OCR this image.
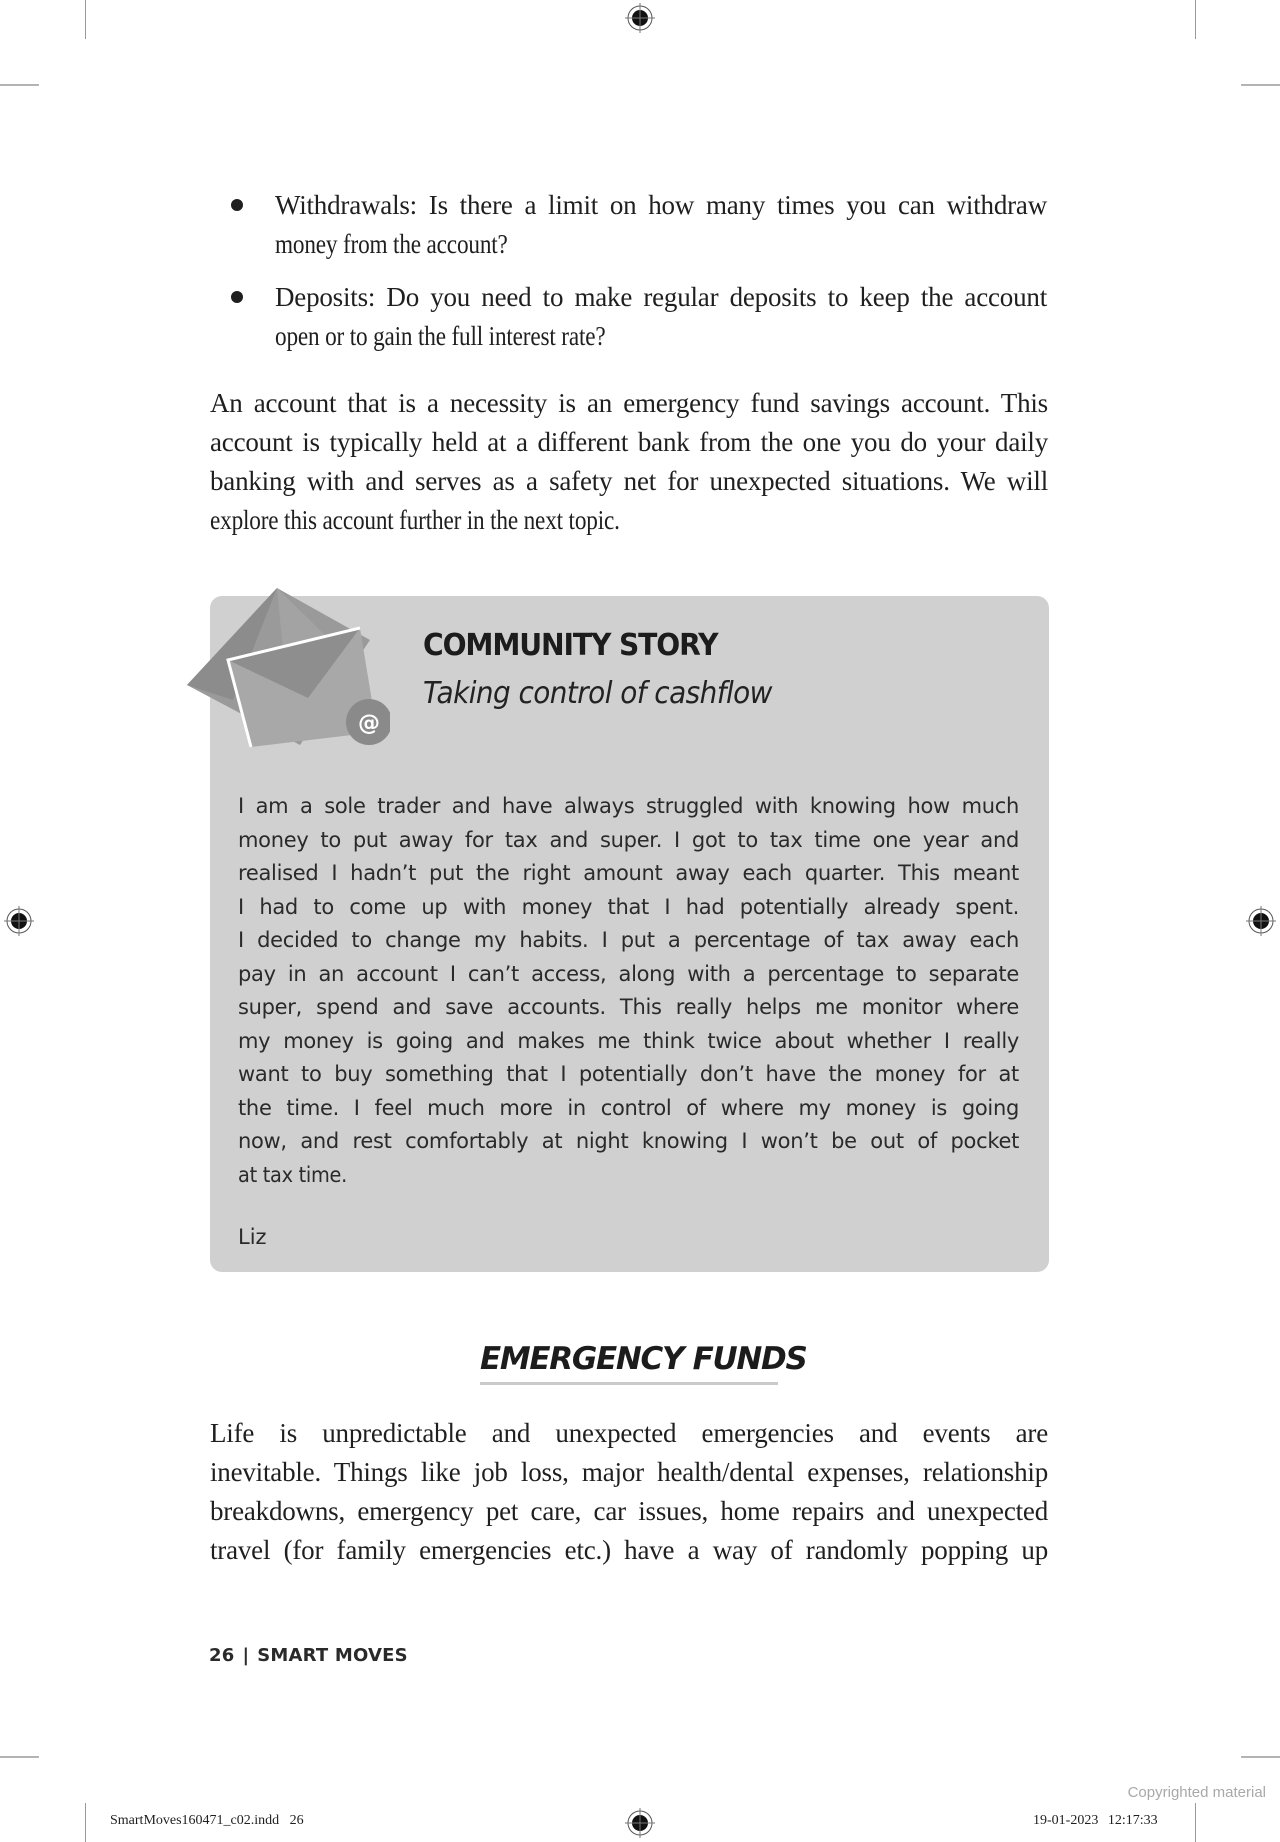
Withdrawals: Is there a limit on how many times you can withdraw
money from the account?
Deposits: Do you need to make regular deposits to keep the account
open or to gain the full interest rate?
An account that is a necessity is an emergency fund savings account. This
account is typically held at a different bank from the one you do your daily
banking with and serves as a safety net for unexpected situations. We will
explore this account further in the next topic.
@
COMMUNITY STORY
Taking control of cashflow
I am a sole trader and have always struggled with knowing how much
money to put away for tax and super. I got to tax time one year and
realised I hadn’t put the right amount away each quarter. This meant
I had to come up with money that I had potentially already spent.
I decided to change my habits. I put a percentage of tax away each
pay in an account I can’t access, along with a percentage to separate
super, spend and save accounts. This really helps me monitor where
my money is going and makes me think twice about whether I really
want to buy something that I potentially don’t have the money for at
the time. I feel much more in control of where my money is going
now, and rest comfortably at night knowing I won’t be out of pocket
at tax time.
Liz
EMERGENCY FUNDS
Life is unpredictable and unexpected emergencies and events are
inevitable. Things like job loss, major health/dental expenses, relationship
breakdowns, emergency pet care, car issues, home repairs and unexpected
travel (for family emergencies etc.) have a way of randomly popping up
26 | SMART MOVES
SmartMoves160471_c02.indd   26	19-01-2023 12:17:33
Copyrighted material
